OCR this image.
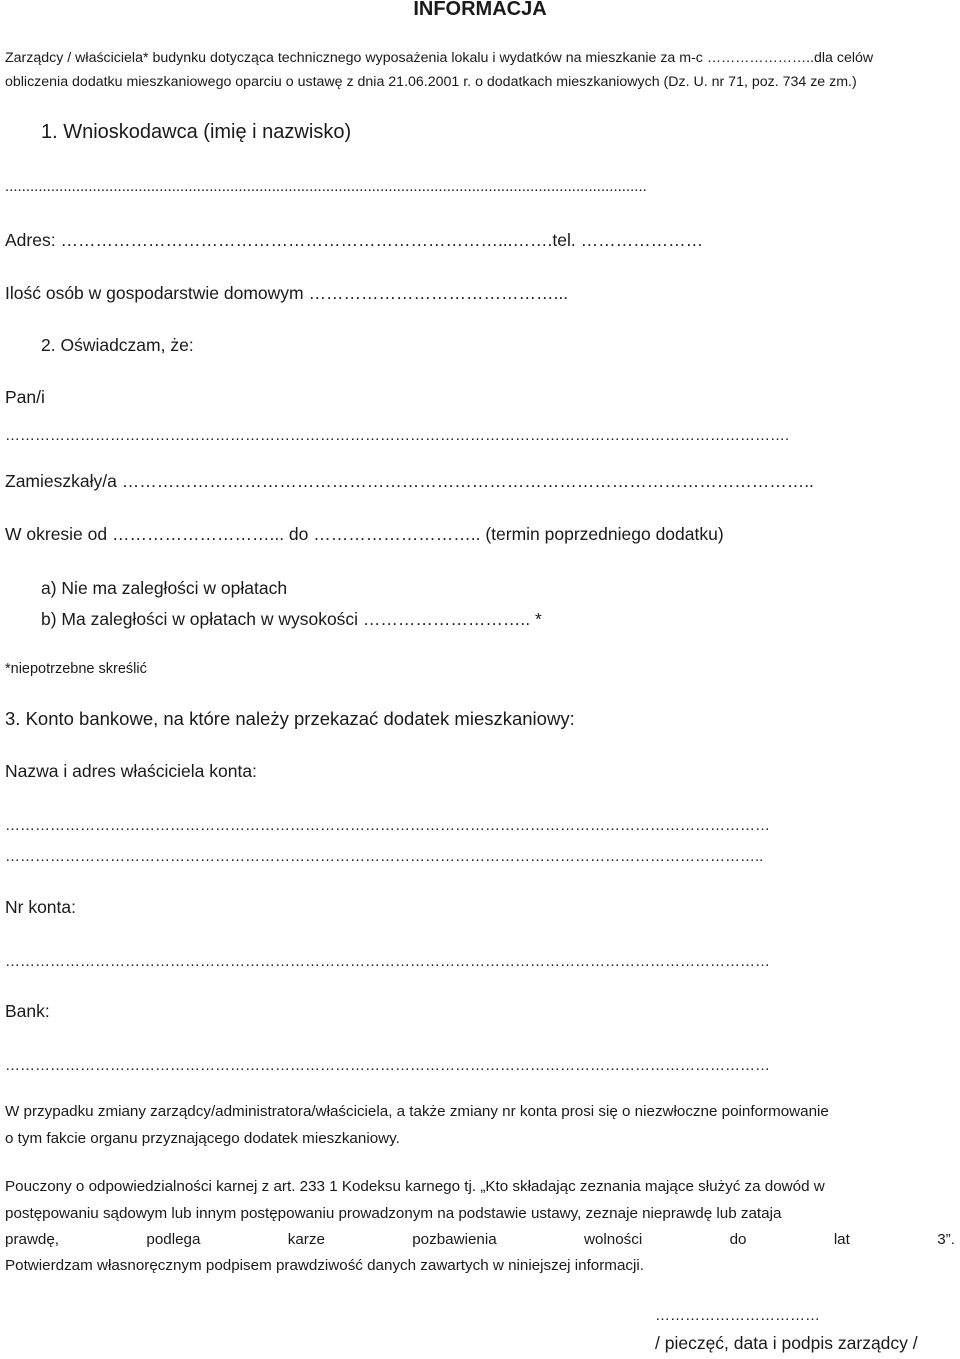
INFORMACJA
Zarządcy / właściciela* budynku dotycząca technicznego wyposażenia lokalu i wydatków na mieszkanie za m-c …………………..dla celów
obliczenia dodatku mieszkaniowego oparciu o ustawę z dnia 21.06.2001 r. o dodatkach mieszkaniowych (Dz. U. nr 71, poz. 734 ze zm.)
1. Wnioskodawca (imię i nazwisko)
..........................................................................................................................................................
Adres: …………………………………………………………………...…….tel. …………………
Ilość osób w gospodarstwie domowym ……………………………………...
2. Oświadczam, że:
Pan/i
………………………………………………………………………………………………………………………………………….
Zamieszkały/a ………………………………………………………………………………………………………..
W okresie od ………………………... do ……………………….. (termin poprzedniego dodatku)
a) Nie ma zaległości w opłatach
b) Ma zaległości w opłatach w wysokości ……………………….. *
*niepotrzebne skreślić
3. Konto bankowe, na które należy przekazać dodatek mieszkaniowy:
Nazwa i adres właściciela konta:
………………………………………………………………………………………………………………………………………
……………………………………………………………………………………………………………………………………..
Nr konta:
………………………………………………………………………………………………………………………………………
Bank:
………………………………………………………………………………………………………………………………………
W przypadku zmiany zarządcy/administratora/właściciela, a także zmiany nr konta prosi się o niezwłoczne poinformowanie
o tym fakcie organu przyznającego dodatek mieszkaniowy.
Pouczony o odpowiedzialności karnej z art. 233 1 Kodeksu karnego tj. „Kto składając zeznania mające służyć za dowód w
postępowaniu sądowym lub innym postępowaniu prowadzonym na podstawie ustawy, zeznaje nieprawdę lub zataja
prawdę,	podlega	karze	pozbawienia	wolności	do	lat	3”.
Potwierdzam własnoręcznym podpisem prawdziwość danych zawartych w niniejszej informacji.
……………………………
/ pieczęć, data i podpis zarządcy /
